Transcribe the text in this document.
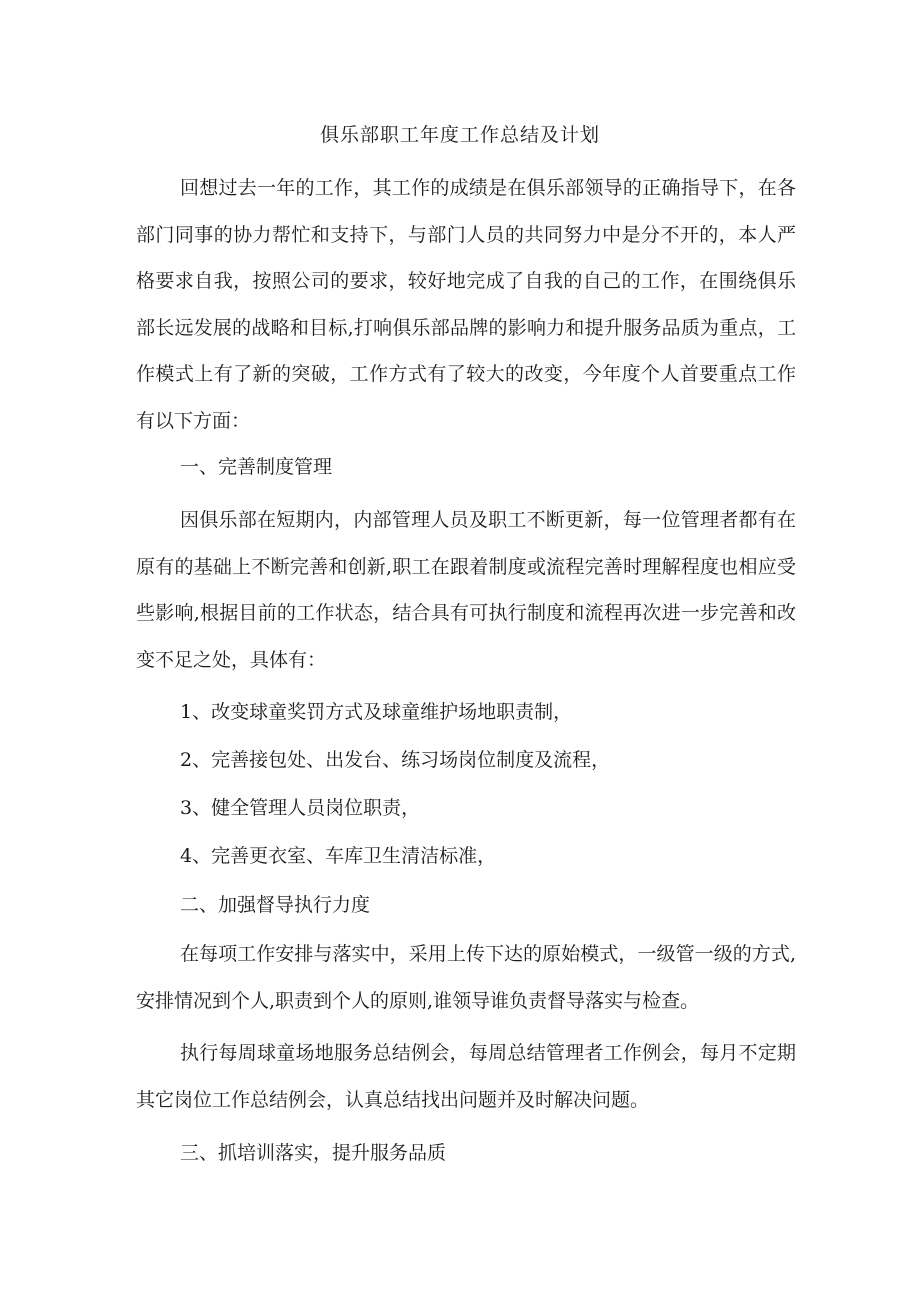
俱乐部职工年度工作总结及计划

回想过去一年的工作，其工作的成绩是在俱乐部领导的正确指导下，在各部门同事的协力帮忙和支持下，与部门人员的共同努力中是分不开的，本人严格要求自我，按照公司的要求，较好地完成了自我的自己的工作，在围绕俱乐部长远发展的战略和目标,打响俱乐部品牌的影响力和提升服务品质为重点，工作模式上有了新的突破，工作方式有了较大的改变，今年度个人首要重点工作有以下方面：

一、完善制度管理

因俱乐部在短期内，内部管理人员及职工不断更新，每一位管理者都有在原有的基础上不断完善和创新,职工在跟着制度或流程完善时理解程度也相应受些影响,根据目前的工作状态，结合具有可执行制度和流程再次进一步完善和改变不足之处，具体有：

1、改变球童奖罚方式及球童维护场地职责制，

2、完善接包处、出发台、练习场岗位制度及流程，

3、健全管理人员岗位职责，

4、完善更衣室、车库卫生清洁标准，

二、加强督导执行力度

在每项工作安排与落实中，采用上传下达的原始模式，一级管一级的方式,安排情况到个人,职责到个人的原则,谁领导谁负责督导落实与检查。

执行每周球童场地服务总结例会，每周总结管理者工作例会，每月不定期其它岗位工作总结例会，认真总结找出问题并及时解决问题。

三、抓培训落实，提升服务品质
